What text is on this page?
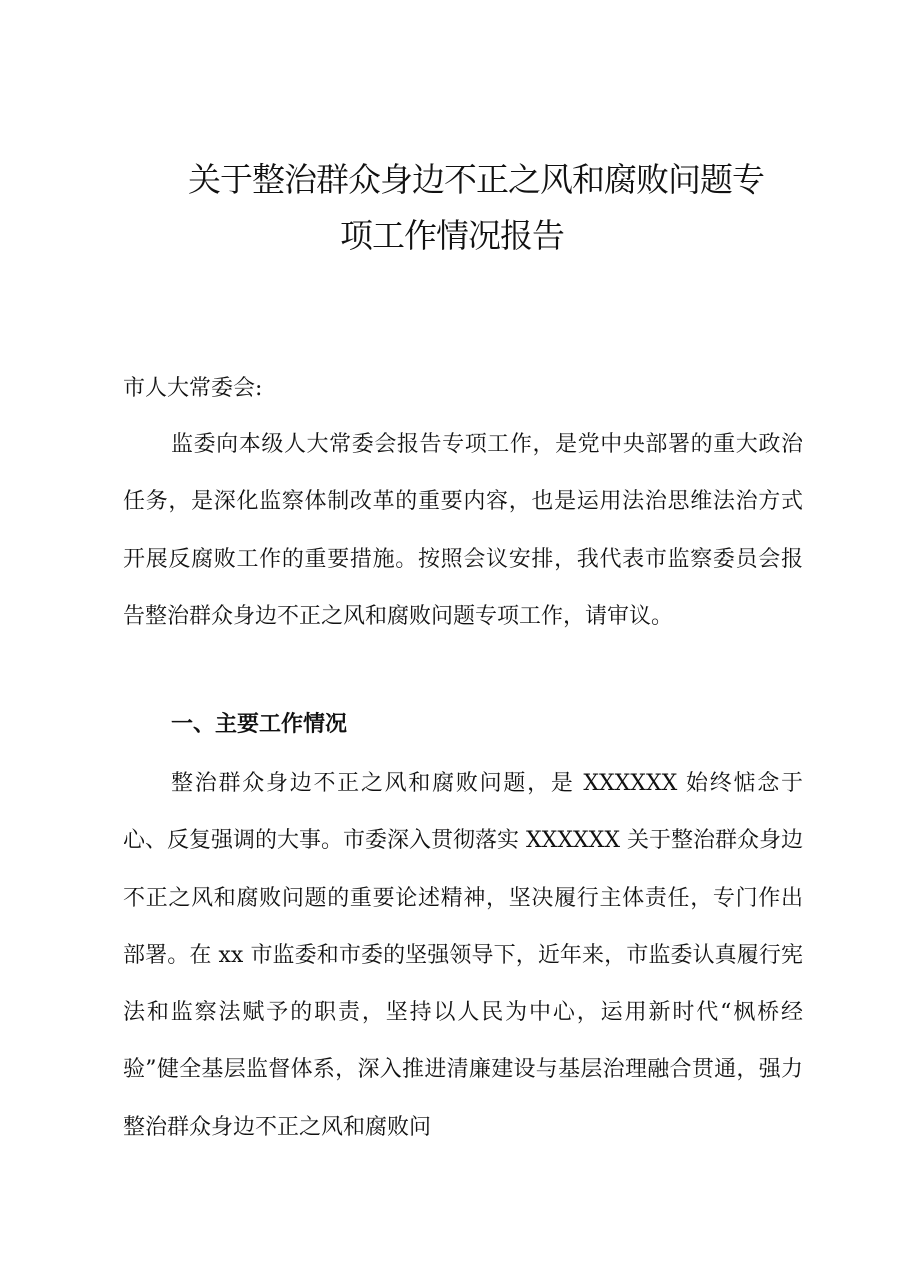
关于整治群众身边不正之风和腐败问题专
项工作情况报告
市人大常委会:

监委向本级人大常委会报告专项工作，是党中央部署的重大政治任务，是深化监察体制改革的重要内容，也是运用法治思维法治方式开展反腐败工作的重要措施。按照会议安排，我代表市监察委员会报告整治群众身边不正之风和腐败问题专项工作，请审议。

一、主要工作情况

整治群众身边不正之风和腐败问题，是 XXXXXX 始终惦念于心、反复强调的大事。市委深入贯彻落实 XXXXXX 关于整治群众身边不正之风和腐败问题的重要论述精神，坚决履行主体责任，专门作出部署。在 xx 市监委和市委的坚强领导下，近年来，市监委认真履行宪法和监察法赋予的职责，坚持以人民为中心，运用新时代“枫桥经验”健全基层监督体系，深入推进清廉建设与基层治理融合贯通，强力整治群众身边不正之风和腐败问
